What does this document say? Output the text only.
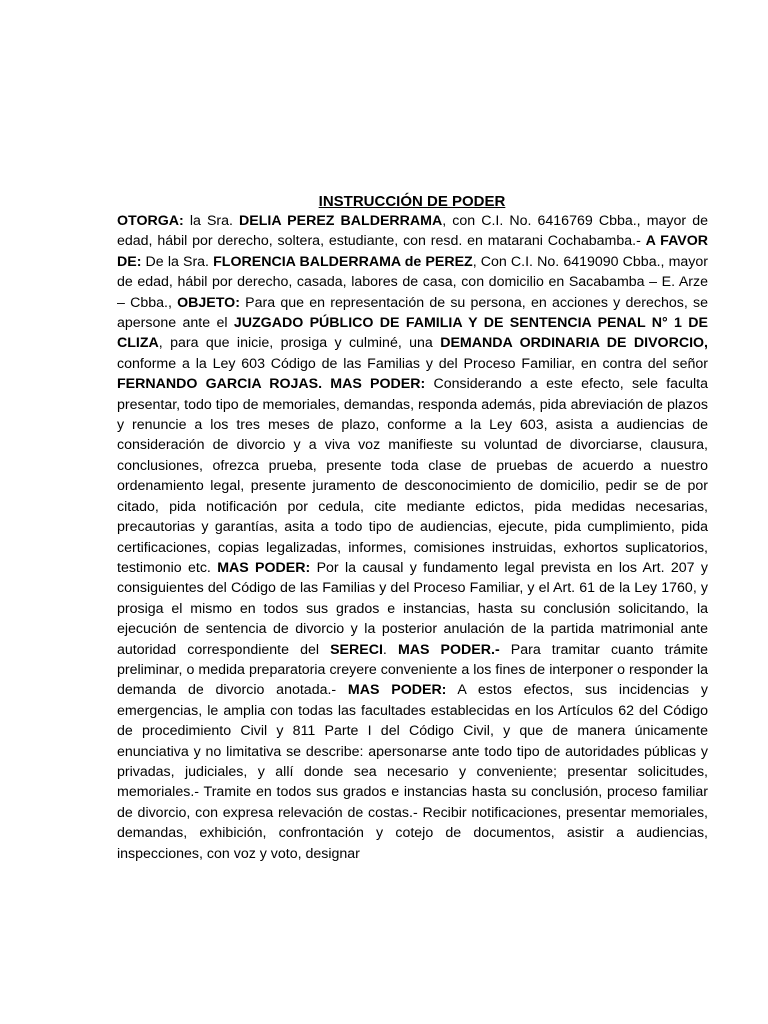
INSTRUCCIÓN DE PODER
OTORGA: la Sra. DELIA PEREZ BALDERRAMA, con C.I. No. 6416769 Cbba., mayor de edad, hábil por derecho, soltera, estudiante, con resd. en matarani Cochabamba.- A FAVOR DE: De la Sra. FLORENCIA BALDERRAMA de PEREZ, Con C.I. No. 6419090 Cbba., mayor de edad, hábil por derecho, casada, labores de casa, con domicilio en Sacabamba – E. Arze – Cbba., OBJETO: Para que en representación de su persona, en acciones y derechos, se apersone ante el JUZGADO PÚBLICO DE FAMILIA Y DE SENTENCIA PENAL N° 1 DE CLIZA, para que inicie, prosiga y culminé, una DEMANDA ORDINARIA DE DIVORCIO, conforme a la Ley 603 Código de las Familias y del Proceso Familiar, en contra del señor FERNANDO GARCIA ROJAS. MAS PODER: Considerando a este efecto, sele faculta presentar, todo tipo de memoriales, demandas, responda además, pida abreviación de plazos y renuncie a los tres meses de plazo, conforme a la Ley 603, asista a audiencias de consideración de divorcio y a viva voz manifieste su voluntad de divorciarse, clausura, conclusiones, ofrezca prueba, presente toda clase de pruebas de acuerdo a nuestro ordenamiento legal, presente juramento de desconocimiento de domicilio, pedir se de por citado, pida notificación por cedula, cite mediante edictos, pida medidas necesarias, precautorias y garantías, asita a todo tipo de audiencias, ejecute, pida cumplimiento, pida certificaciones, copias legalizadas, informes, comisiones instruidas, exhortos suplicatorios, testimonio etc. MAS PODER: Por la causal y fundamento legal prevista en los Art. 207 y consiguientes del Código de las Familias y del Proceso Familiar, y el Art. 61 de la Ley 1760, y prosiga el mismo en todos sus grados e instancias, hasta su conclusión solicitando, la ejecución de sentencia de divorcio y la posterior anulación de la partida matrimonial ante autoridad correspondiente del SERECI. MAS PODER.- Para tramitar cuanto trámite preliminar, o medida preparatoria creyere conveniente a los fines de interponer o responder la demanda de divorcio anotada.- MAS PODER: A estos efectos, sus incidencias y emergencias, le amplia con todas las facultades establecidas en los Artículos 62 del Código de procedimiento Civil y 811 Parte I del Código Civil, y que de manera únicamente enunciativa y no limitativa se describe: apersonarse ante todo tipo de autoridades públicas y privadas, judiciales, y allí donde sea necesario y conveniente; presentar solicitudes, memoriales.- Tramite en todos sus grados e instancias hasta su conclusión, proceso familiar de divorcio, con expresa relevación de costas.- Recibir notificaciones, presentar memoriales, demandas, exhibición, confrontación y cotejo de documentos, asistir a audiencias, inspecciones, con voz y voto, designar
